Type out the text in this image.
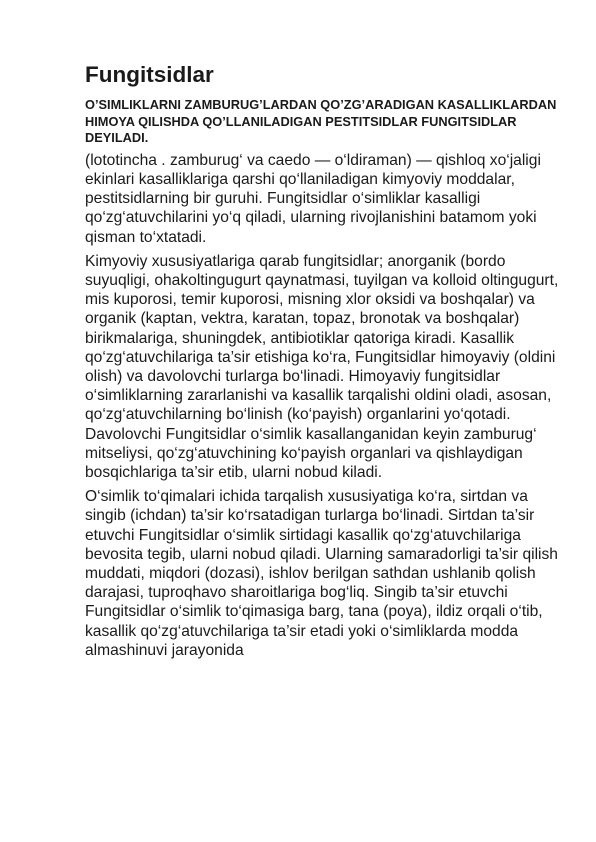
Fungitsidlar

O’SIMLIKLARNI ZAMBURUG’LARDAN QO’ZG’ARADIGAN KASALLIKLARDAN HIMOYA QILISHDA QO’LLANILADIGAN PESTITSIDLAR FUNGITSIDLAR DEYILADI.

(lototincha . zamburug‘ va caedo — o‘ldiraman) — qishloq xo‘jaligi ekinlari kasalliklariga qarshi qo‘llaniladigan kimyoviy moddalar, pestitsidlarning bir guruhi. Fungitsidlar o‘simliklar kasalligi qo‘zg‘atuvchilarini yo‘q qiladi, ularning rivojlanishini batamom yoki qisman to‘xtatadi.

Kimyoviy xususiyatlariga qarab fungitsidlar; anorganik (bordo suyuqligi, ohakoltingugurt qaynatmasi, tuyilgan va kolloid oltingugurt, mis kuporosi, temir kuporosi, misning xlor oksidi va boshqalar) va organik (kaptan, vektra, karatan, topaz, bronotak va boshqalar) birikmalariga, shuningdek, antibiotiklar qatoriga kiradi. Kasallik qo‘zg‘atuvchilariga ta’sir etishiga ko‘ra, Fungitsidlar himoyaviy (oldini olish) va davolovchi turlarga bo‘linadi. Himoyaviy fungitsidlar o‘simliklarning zararlanishi va kasallik tarqalishi oldini oladi, asosan, qo‘zg‘atuvchilarning bo‘linish (ko‘payish) organlarini yo‘qotadi. Davolovchi Fungitsidlar o‘simlik kasallanganidan keyin zamburug‘ mitseliysi, qo‘zg‘atuvchining ko‘payish organlari va qishlaydigan bosqichlariga ta’sir etib, ularni nobud kiladi.

O‘simlik to‘qimalari ichida tarqalish xususiyatiga ko‘ra, sirtdan va singib (ichdan) ta’sir ko‘rsatadigan turlarga bo‘linadi. Sirtdan ta’sir etuvchi Fungitsidlar o‘simlik sirtidagi kasallik qo‘zg‘atuvchilariga bevosita tegib, ularni nobud qiladi. Ularning samaradorligi ta’sir qilish muddati, miqdori (dozasi), ishlov berilgan sathdan ushlanib qolish darajasi, tuproqhavo sharoitlariga bog‘liq. Singib ta’sir etuvchi Fungitsidlar o‘simlik to‘qimasiga barg, tana (poya), ildiz orqali o‘tib, kasallik qo‘zg‘atuvchilariga ta’sir etadi yoki o‘simliklarda modda almashinuvi jarayonida
